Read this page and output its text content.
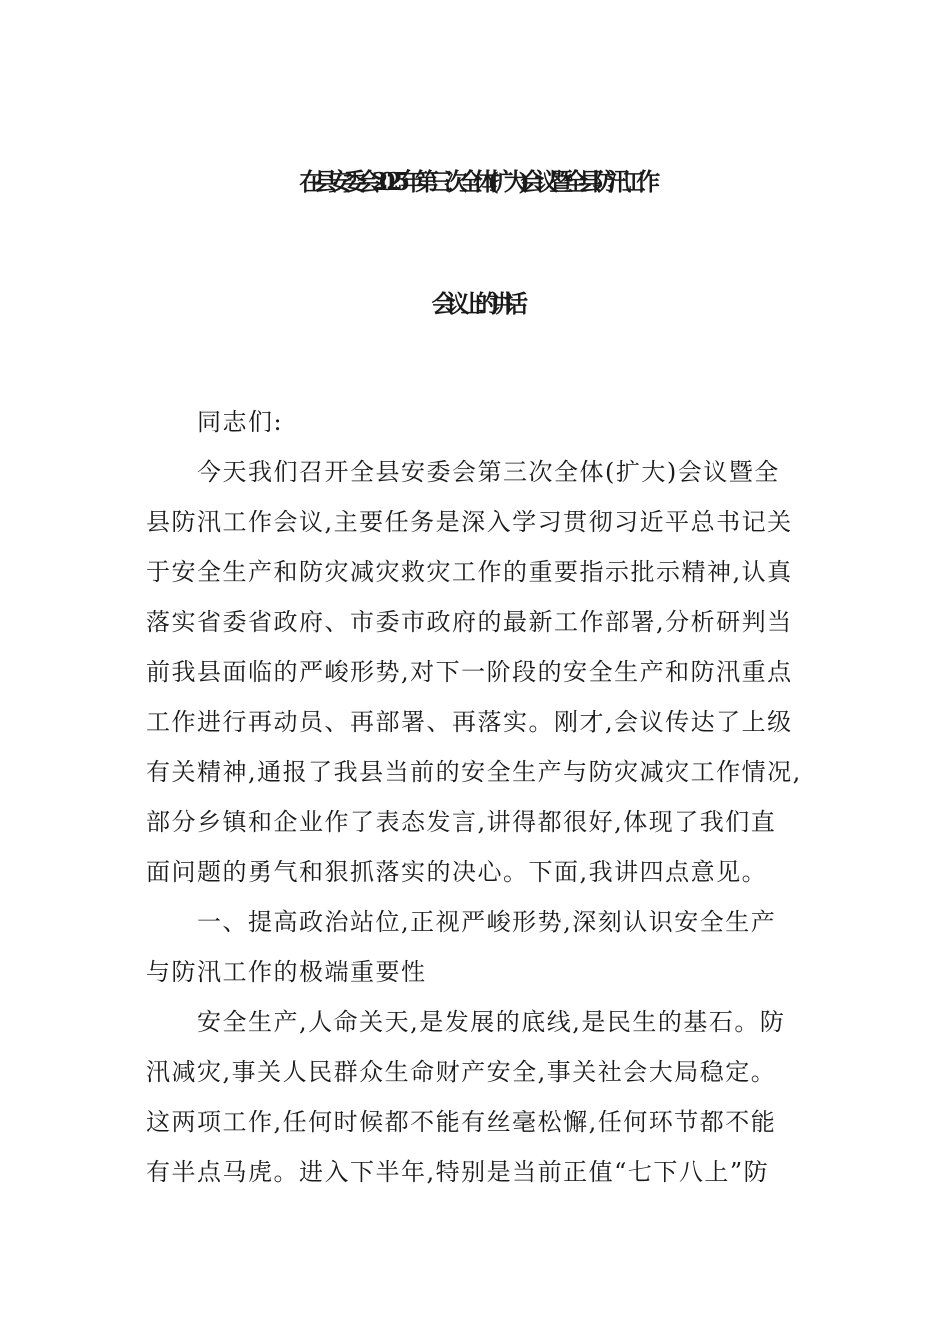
在县安委会2025年第三次全体(扩大)会议暨全县防汛工作
会议上的讲话
同志们:
今天我们召开全县安委会第三次全体(扩大)会议暨全
县防汛工作会议,主要任务是深入学习贯彻习近平总书记关
于安全生产和防灾减灾救灾工作的重要指示批示精神,认真
落实省委省政府、市委市政府的最新工作部署,分析研判当
前我县面临的严峻形势,对下一阶段的安全生产和防汛重点
工作进行再动员、再部署、再落实。刚才,会议传达了上级
有关精神,通报了我县当前的安全生产与防灾减灾工作情况,
部分乡镇和企业作了表态发言,讲得都很好,体现了我们直
面问题的勇气和狠抓落实的决心。下面,我讲四点意见。
一、提高政治站位,正视严峻形势,深刻认识安全生产
与防汛工作的极端重要性
安全生产,人命关天,是发展的底线,是民生的基石。防
汛减灾,事关人民群众生命财产安全,事关社会大局稳定。
这两项工作,任何时候都不能有丝毫松懈,任何环节都不能
有半点马虎。进入下半年,特别是当前正值“七下八上”防
